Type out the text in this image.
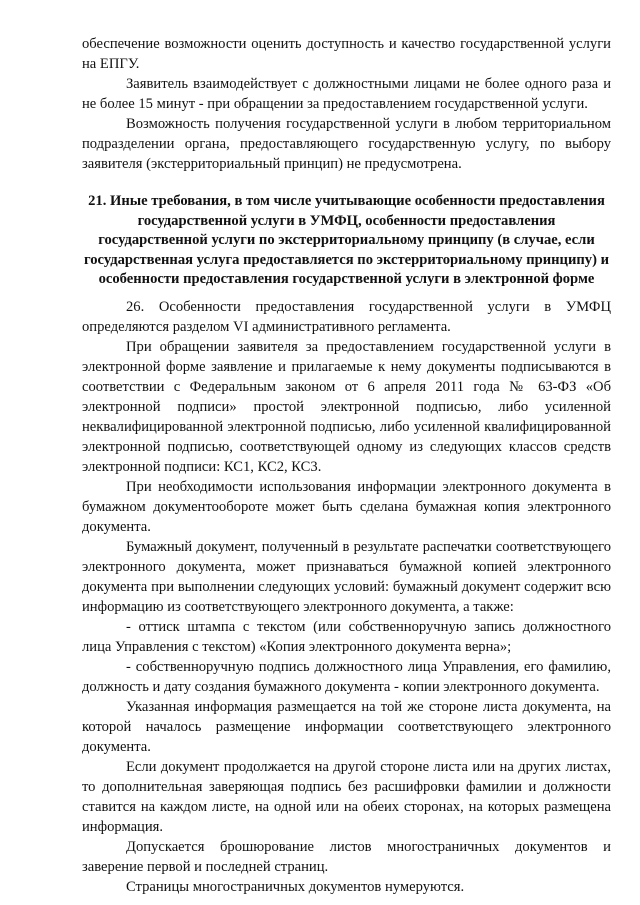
обеспечение возможности оценить доступность и качество государственной услуги на ЕПГУ.

Заявитель взаимодействует с должностными лицами не более одного раза и не более 15 минут - при обращении за предоставлением государственной услуги.

Возможность получения государственной услуги в любом территориальном подразделении органа, предоставляющего государственную услугу, по выбору заявителя (экстерриториальный принцип) не предусмотрена.

21. Иные требования, в том числе учитывающие особенности предоставления государственной услуги в УМФЦ, особенности предоставления государственной услуги по экстерриториальному принципу (в случае, если государственная услуга предоставляется по экстерриториальному принципу) и особенности предоставления государственной услуги в электронной форме

26. Особенности предоставления государственной услуги в УМФЦ определяются разделом VI административного регламента.

При обращении заявителя за предоставлением государственной услуги в электронной форме заявление и прилагаемые к нему документы подписываются в соответствии с Федеральным законом от 6 апреля 2011 года № 63-ФЗ «Об электронной подписи» простой электронной подписью, либо усиленной неквалифицированной электронной подписью, либо усиленной квалифицированной электронной подписью, соответствующей одному из следующих классов средств электронной подписи: КС1, КС2, КС3.

При необходимости использования информации электронного документа в бумажном документообороте может быть сделана бумажная копия электронного документа.

Бумажный документ, полученный в результате распечатки соответствующего электронного документа, может признаваться бумажной копией электронного документа при выполнении следующих условий: бумажный документ содержит всю информацию из соответствующего электронного документа, а также:

- оттиск штампа с текстом (или собственноручную запись должностного лица Управления с текстом) «Копия электронного документа верна»;

- собственноручную подпись должностного лица Управления, его фамилию, должность и дату создания бумажного документа - копии электронного документа.

Указанная информация размещается на той же стороне листа документа, на которой началось размещение информации соответствующего электронного документа.

Если документ продолжается на другой стороне листа или на других листах, то дополнительная заверяющая подпись без расшифровки фамилии и должности ставится на каждом листе, на одной или на обеих сторонах, на которых размещена информация.

Допускается брошюрование листов многостраничных документов и заверение первой и последней страниц.

Страницы многостраничных документов нумеруются.
